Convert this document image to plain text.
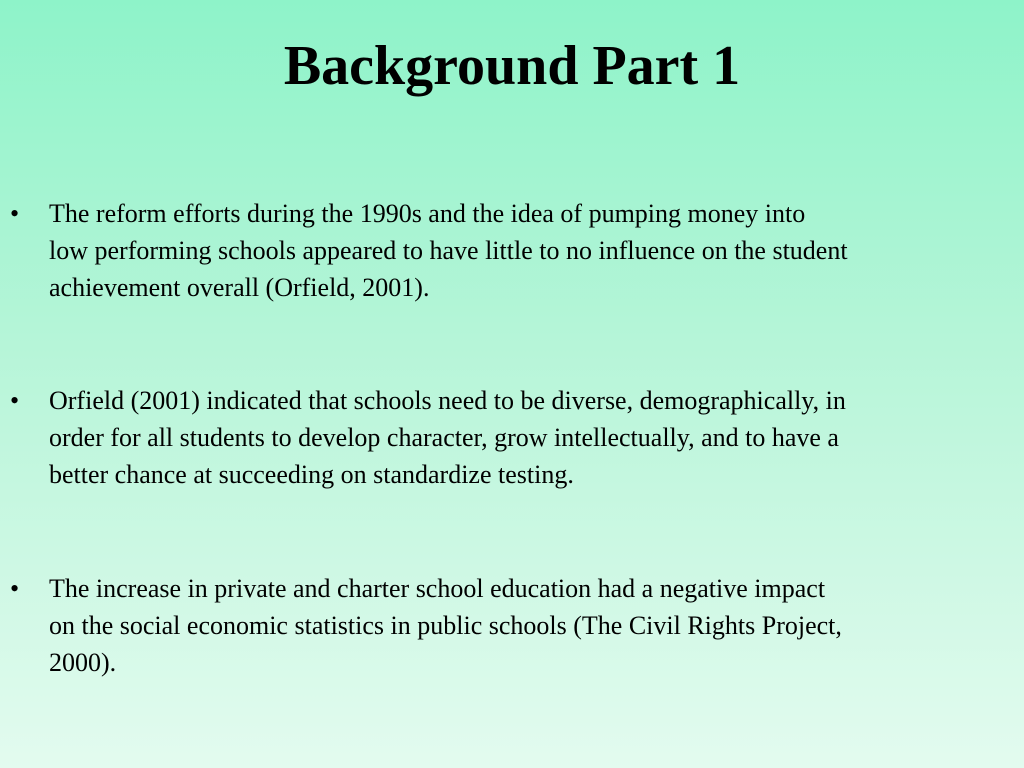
Background Part 1
• The reform efforts during the 1990s and the idea of pumping money into
low performing schools appeared to have little to no influence on the student
achievement overall (Orfield, 2001).

• Orfield (2001) indicated that schools need to be diverse, demographically, in
order for all students to develop character, grow intellectually, and to have a
better chance at succeeding on standardize testing.

• The increase in private and charter school education had a negative impact
on the social economic statistics in public schools (The Civil Rights Project,
2000).
